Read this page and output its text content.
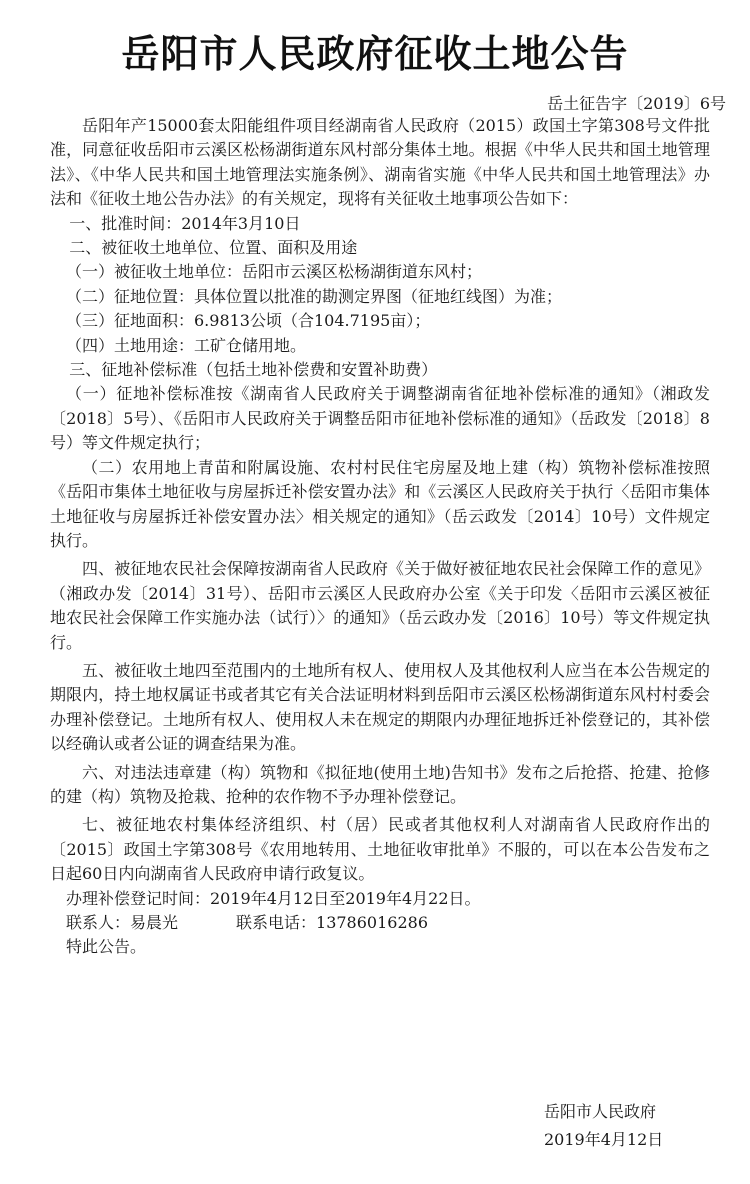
岳阳市人民政府征收土地公告
岳土征告字〔2019〕6号

岳阳年产15000套太阳能组件项目经湖南省人民政府（2015）政国土字第308号文件批准，同意征收岳阳市云溪区松杨湖街道东风村部分集体土地。根据《中华人民共和国土地管理法》、《中华人民共和国土地管理法实施条例》、湖南省实施《中华人民共和国土地管理法》办法和《征收土地公告办法》的有关规定，现将有关征收土地事项公告如下：

一、批准时间：2014年3月10日

二、被征收土地单位、位置、面积及用途

（一）被征收土地单位：岳阳市云溪区松杨湖街道东风村；

（二）征地位置：具体位置以批准的勘测定界图（征地红线图）为准；

（三）征地面积：6.9813公顷（合104.7195亩）；

（四）土地用途：工矿仓储用地。

三、征地补偿标准（包括土地补偿费和安置补助费）

（一）征地补偿标准按《湖南省人民政府关于调整湖南省征地补偿标准的通知》（湘政发〔2018〕5号）、《岳阳市人民政府关于调整岳阳市征地补偿标准的通知》（岳政发〔2018〕8号）等文件规定执行；

（二）农用地上青苗和附属设施、农村村民住宅房屋及地上建（构）筑物补偿标准按照《岳阳市集体土地征收与房屋拆迁补偿安置办法》和《云溪区人民政府关于执行〈岳阳市集体土地征收与房屋拆迁补偿安置办法〉相关规定的通知》（岳云政发〔2014〕10号）文件规定执行。

四、被征地农民社会保障按湖南省人民政府《关于做好被征地农民社会保障工作的意见》（湘政办发〔2014〕31号）、岳阳市云溪区人民政府办公室《关于印发〈岳阳市云溪区被征地农民社会保障工作实施办法（试行）〉的通知》（岳云政办发〔2016〕10号）等文件规定执行。

五、被征收土地四至范围内的土地所有权人、使用权人及其他权利人应当在本公告规定的期限内，持土地权属证书或者其它有关合法证明材料到岳阳市云溪区松杨湖街道东风村村委会办理补偿登记。土地所有权人、使用权人未在规定的期限内办理征地拆迁补偿登记的，其补偿以经确认或者公证的调查结果为准。

六、对违法违章建（构）筑物和《拟征地(使用土地)告知书》发布之后抢搭、抢建、抢修的建（构）筑物及抢栽、抢种的农作物不予办理补偿登记。

七、被征地农村集体经济组织、村（居）民或者其他权利人对湖南省人民政府作出的〔2015〕政国土字第308号《农用地转用、土地征收审批单》不服的，可以在本公告发布之日起60日内向湖南省人民政府申请行政复议。

办理补偿登记时间：2019年4月12日至2019年4月22日。

联系人：易晨光	联系电话：13786016286

特此公告。

岳阳市人民政府
2019年4月12日
